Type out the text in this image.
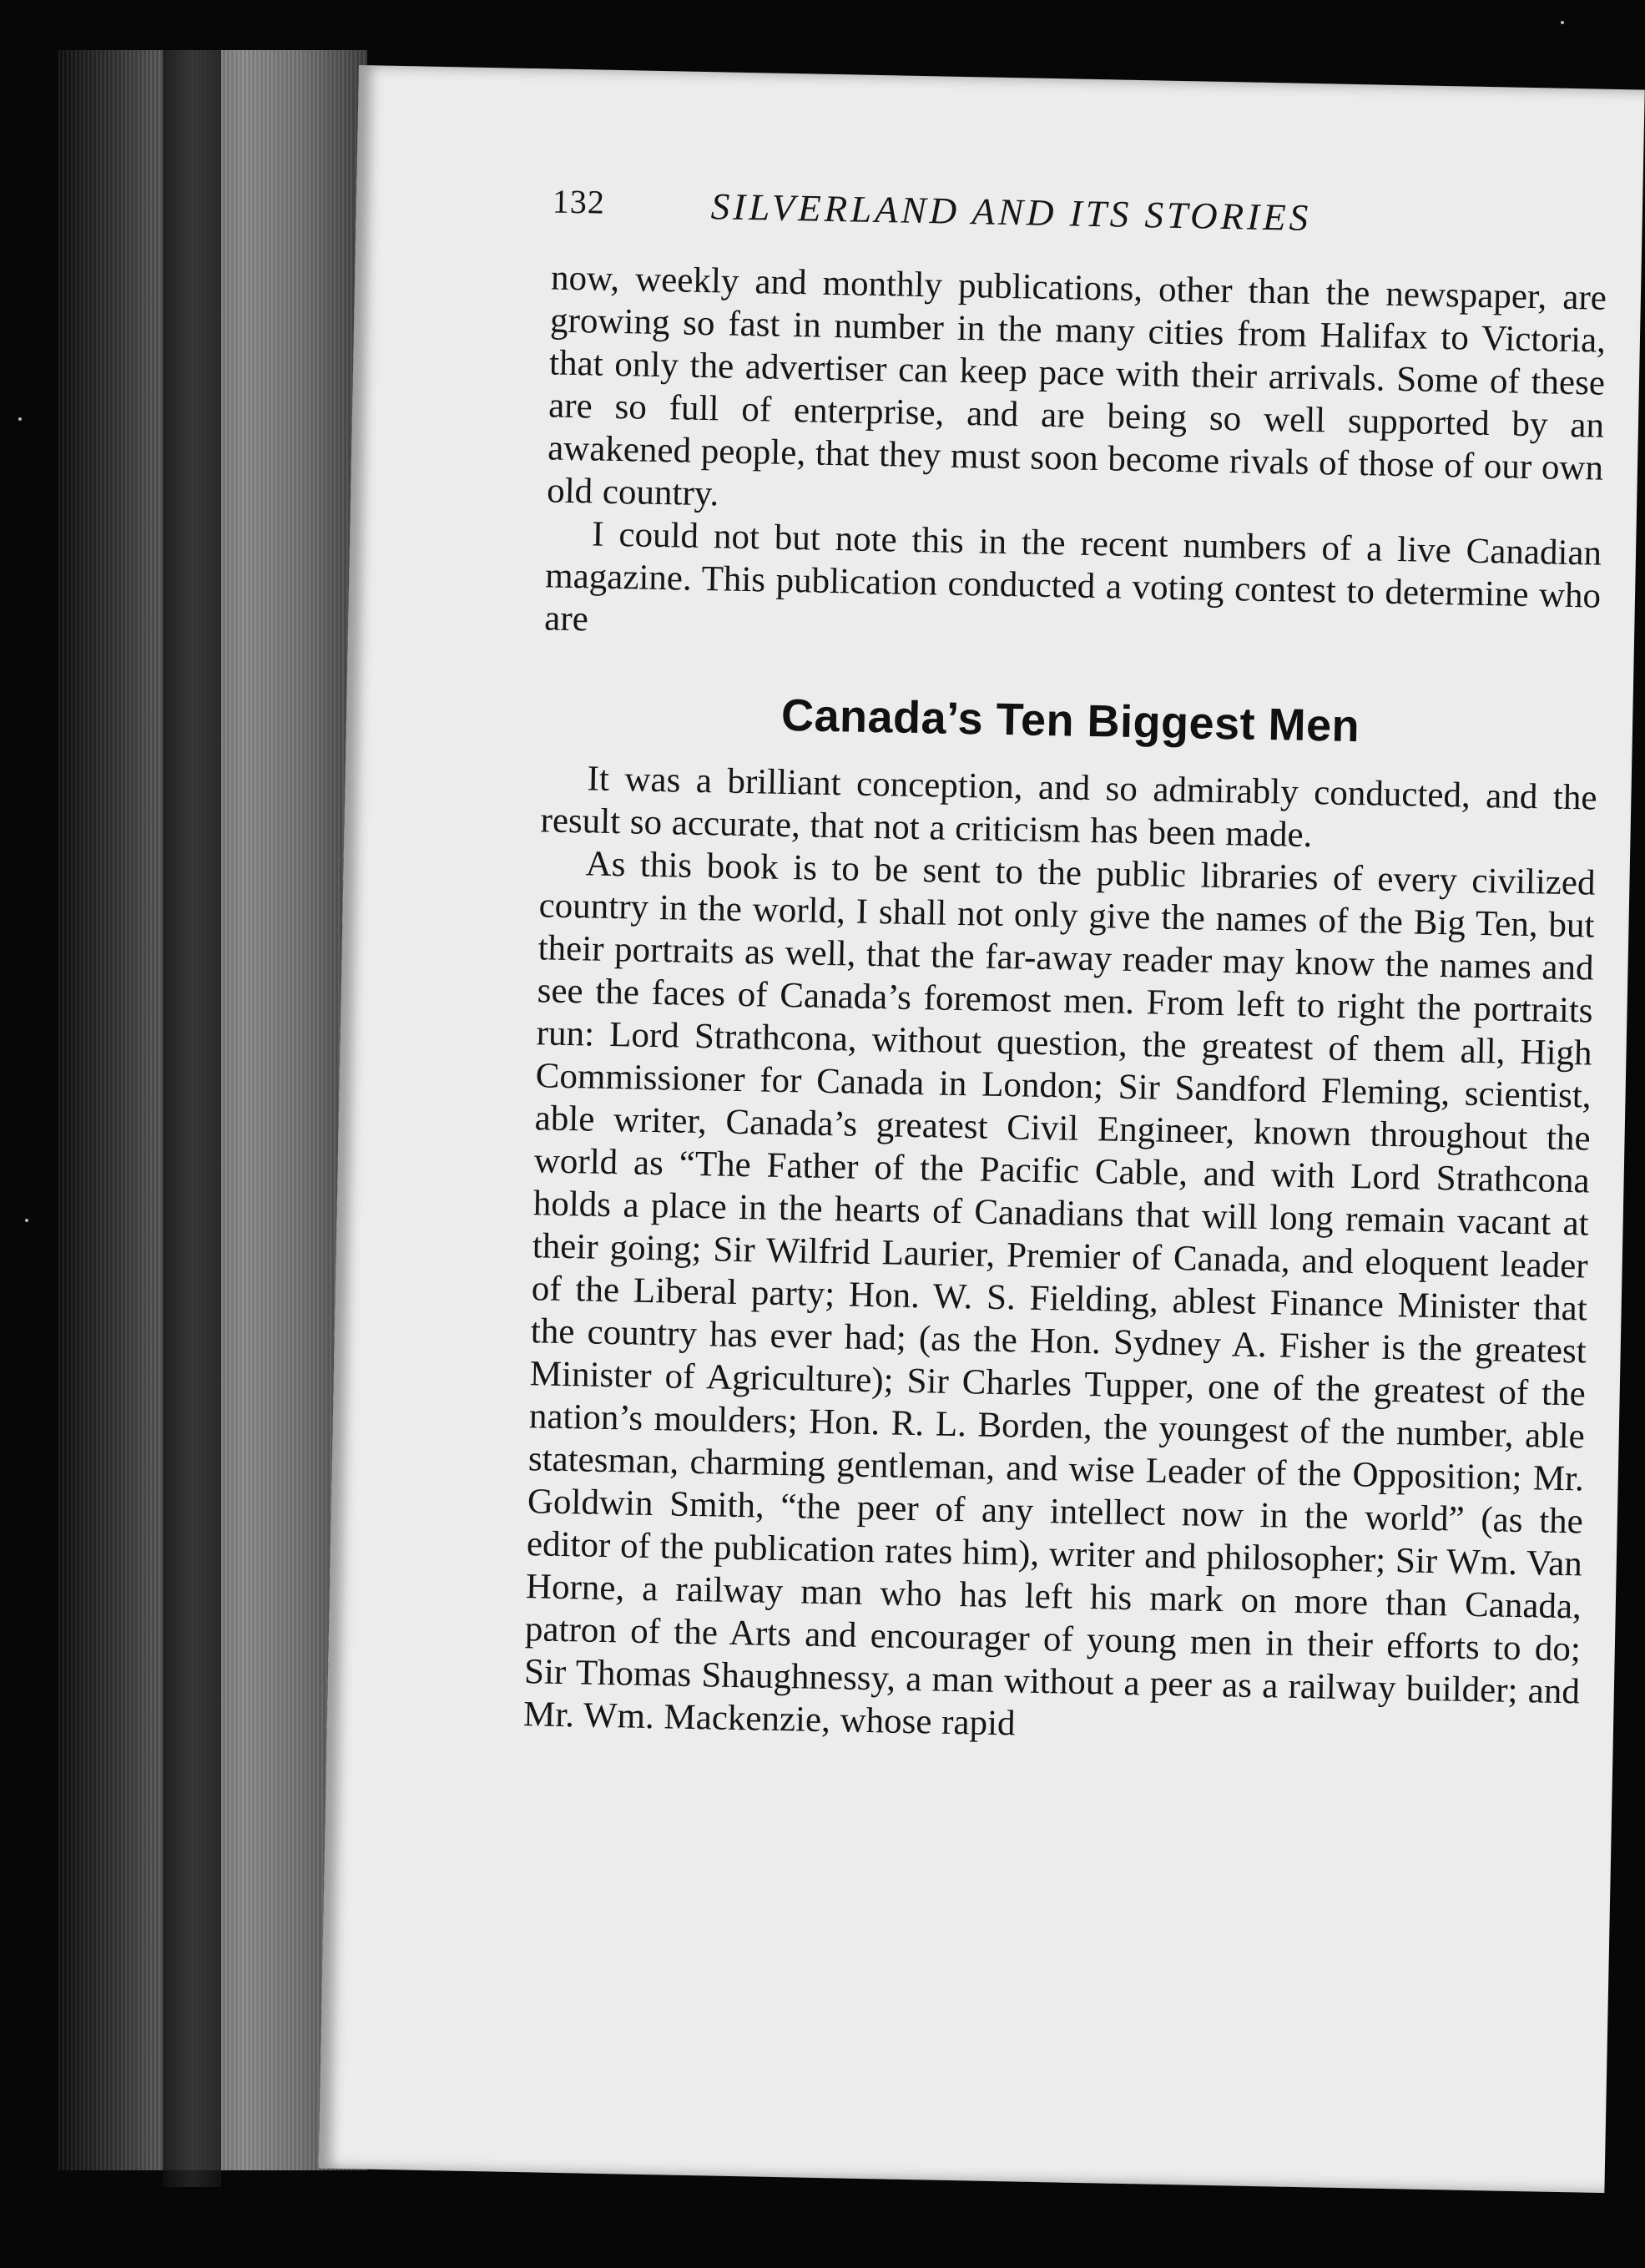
132	SILVERLAND AND ITS STORIES

now, weekly and monthly publications, other than the newspaper, are growing so fast in number in the many cities from Halifax to Victoria, that only the advertiser can keep pace with their arrivals. Some of these are so full of enterprise, and are being so well supported by an awakened people, that they must soon become rivals of those of our own old country.

I could not but note this in the recent numbers of a live Canadian magazine. This publication conducted a voting contest to determine who are

Canada’s Ten Biggest Men

It was a brilliant conception, and so admirably conducted, and the result so accurate, that not a criticism has been made.

As this book is to be sent to the public libraries of every civilized country in the world, I shall not only give the names of the Big Ten, but their portraits as well, that the far-away reader may know the names and see the faces of Canada’s foremost men. From left to right the portraits run: Lord Strathcona, without question, the greatest of them all, High Commissioner for Canada in London; Sir Sandford Fleming, scientist, able writer, Canada’s greatest Civil Engineer, known throughout the world as “The Father of the Pacific Cable, and with Lord Strathcona holds a place in the hearts of Canadians that will long remain vacant at their going; Sir Wilfrid Laurier, Premier of Canada, and eloquent leader of the Liberal party; Hon. W. S. Fielding, ablest Finance Minister that the country has ever had; (as the Hon. Sydney A. Fisher is the greatest Minister of Agriculture); Sir Charles Tupper, one of the greatest of the nation’s moulders; Hon. R. L. Borden, the youngest of the number, able statesman, charming gentleman, and wise Leader of the Opposition; Mr. Goldwin Smith, “the peer of any intellect now in the world” (as the editor of the publication rates him), writer and philosopher; Sir Wm. Van Horne, a railway man who has left his mark on more than Canada, patron of the Arts and encourager of young men in their efforts to do; Sir Thomas Shaughnessy, a man without a peer as a railway builder; and Mr. Wm. Mackenzie, whose rapid
